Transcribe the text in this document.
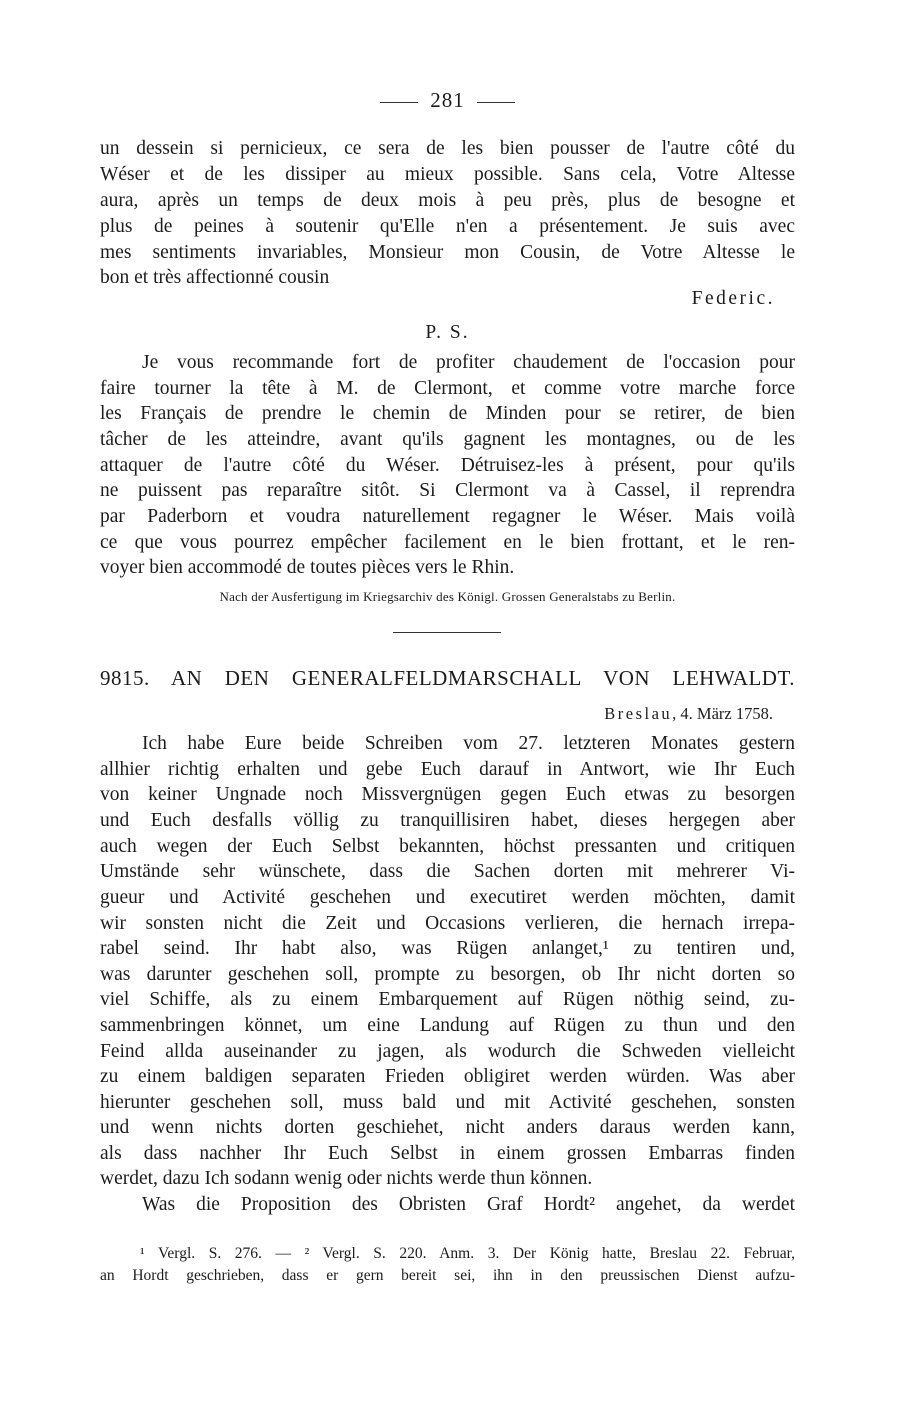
281
un dessein si pernicieux, ce sera de les bien pousser de l'autre côté du
Wéser et de les dissiper au mieux possible. Sans cela, Votre Altesse
aura, après un temps de deux mois à peu près, plus de besogne et
plus de peines à soutenir qu'Elle n'en a présentement. Je suis avec
mes sentiments invariables, Monsieur mon Cousin, de Votre Altesse le
bon et très affectionné cousin
Federic.
P. S.
Je vous recommande fort de profiter chaudement de l'occasion pour
faire tourner la tête à M. de Clermont, et comme votre marche force
les Français de prendre le chemin de Minden pour se retirer, de bien
tâcher de les atteindre, avant qu'ils gagnent les montagnes, ou de les
attaquer de l'autre côté du Wéser. Détruisez-les à présent, pour qu'ils
ne puissent pas reparaître sitôt. Si Clermont va à Cassel, il reprendra
par Paderborn et voudra naturellement regagner le Wéser. Mais voilà
ce que vous pourrez empêcher facilement en le bien frottant, et le ren-
voyer bien accommodé de toutes pièces vers le Rhin.
Nach der Ausfertigung im Kriegsarchiv des Königl. Grossen Generalstabs zu Berlin.
9815. AN DEN GENERALFELDMARSCHALL VON LEHWALDT.
Breslau, 4. März 1758.
Ich habe Eure beide Schreiben vom 27. letzteren Monates gestern
allhier richtig erhalten und gebe Euch darauf in Antwort, wie Ihr Euch
von keiner Ungnade noch Missvergnügen gegen Euch etwas zu besorgen
und Euch desfalls völlig zu tranquillisiren habet, dieses hergegen aber
auch wegen der Euch Selbst bekannten, höchst pressanten und critiquen
Umstände sehr wünschete, dass die Sachen dorten mit mehrerer Vi-
gueur und Activité geschehen und executiret werden möchten, damit
wir sonsten nicht die Zeit und Occasions verlieren, die hernach irrepa-
rabel seind. Ihr habt also, was Rügen anlanget,¹ zu tentiren und,
was darunter geschehen soll, prompte zu besorgen, ob Ihr nicht dorten so
viel Schiffe, als zu einem Embarquement auf Rügen nöthig seind, zu-
sammenbringen könnet, um eine Landung auf Rügen zu thun und den
Feind allda auseinander zu jagen, als wodurch die Schweden vielleicht
zu einem baldigen separaten Frieden obligiret werden würden. Was aber
hierunter geschehen soll, muss bald und mit Activité geschehen, sonsten
und wenn nichts dorten geschiehet, nicht anders daraus werden kann,
als dass nachher Ihr Euch Selbst in einem grossen Embarras finden
werdet, dazu Ich sodann wenig oder nichts werde thun können.
Was die Proposition des Obristen Graf Hordt² angehet, da werdet
¹ Vergl. S. 276. — ² Vergl. S. 220. Anm. 3. Der König hatte, Breslau 22. Februar,
an Hordt geschrieben, dass er gern bereit sei, ihn in den preussischen Dienst aufzu-
